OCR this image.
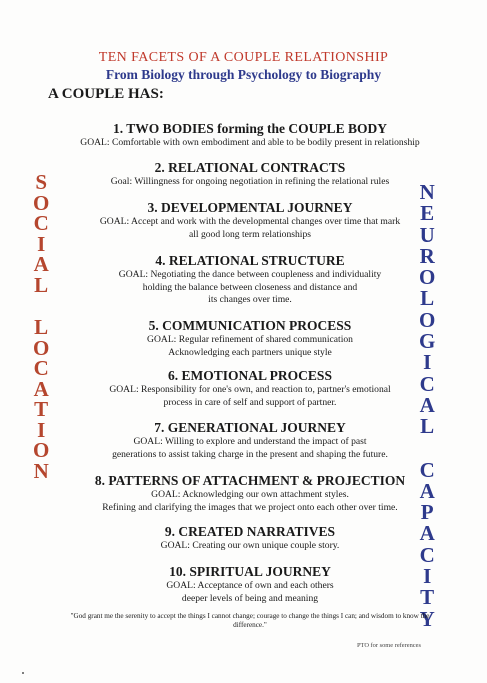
TEN FACETS OF A COUPLE RELATIONSHIP
From Biology through Psychology to Biography
A COUPLE HAS:
S
O
C
I
A
L
L
O
C
A
T
I
O
N
N
E
U
R
O
L
O
G
I
C
A
L
C
A
P
A
C
I
T
Y
1. TWO BODIES forming the COUPLE BODY

GOAL: Comfortable with own embodiment and able to be bodily present in relationship

2. RELATIONAL CONTRACTS

Goal: Willingness for ongoing negotiation in refining the relational rules

3. DEVELOPMENTAL JOURNEY

GOAL: Accept and work with the developmental changes over time that mark

all good long term relationships

4. RELATIONAL STRUCTURE

GOAL: Negotiating the dance between coupleness and individuality

holding the balance between closeness and distance and

its changes over time.

5. COMMUNICATION PROCESS

GOAL: Regular refinement of shared communication

Acknowledging each partners unique style

6. EMOTIONAL PROCESS

GOAL: Responsibility for one's own, and reaction to, partner's emotional

process in care of self and support of partner.

7. GENERATIONAL JOURNEY

GOAL: Willing to explore and understand the impact of past

generations to assist taking charge in the present and shaping the future.

8. PATTERNS OF ATTACHMENT & PROJECTION

GOAL: Acknowledging our own attachment styles.

Refining and clarifying the images that we project onto each other over time.

9. CREATED NARRATIVES

GOAL: Creating our own unique couple story.

10. SPIRITUAL JOURNEY

GOAL: Acceptance of own and each others

deeper levels of being and meaning

"God grant me the serenity to accept the things I cannot change; courage to change the things I can; and wisdom to know the
difference."
PTO for some references
